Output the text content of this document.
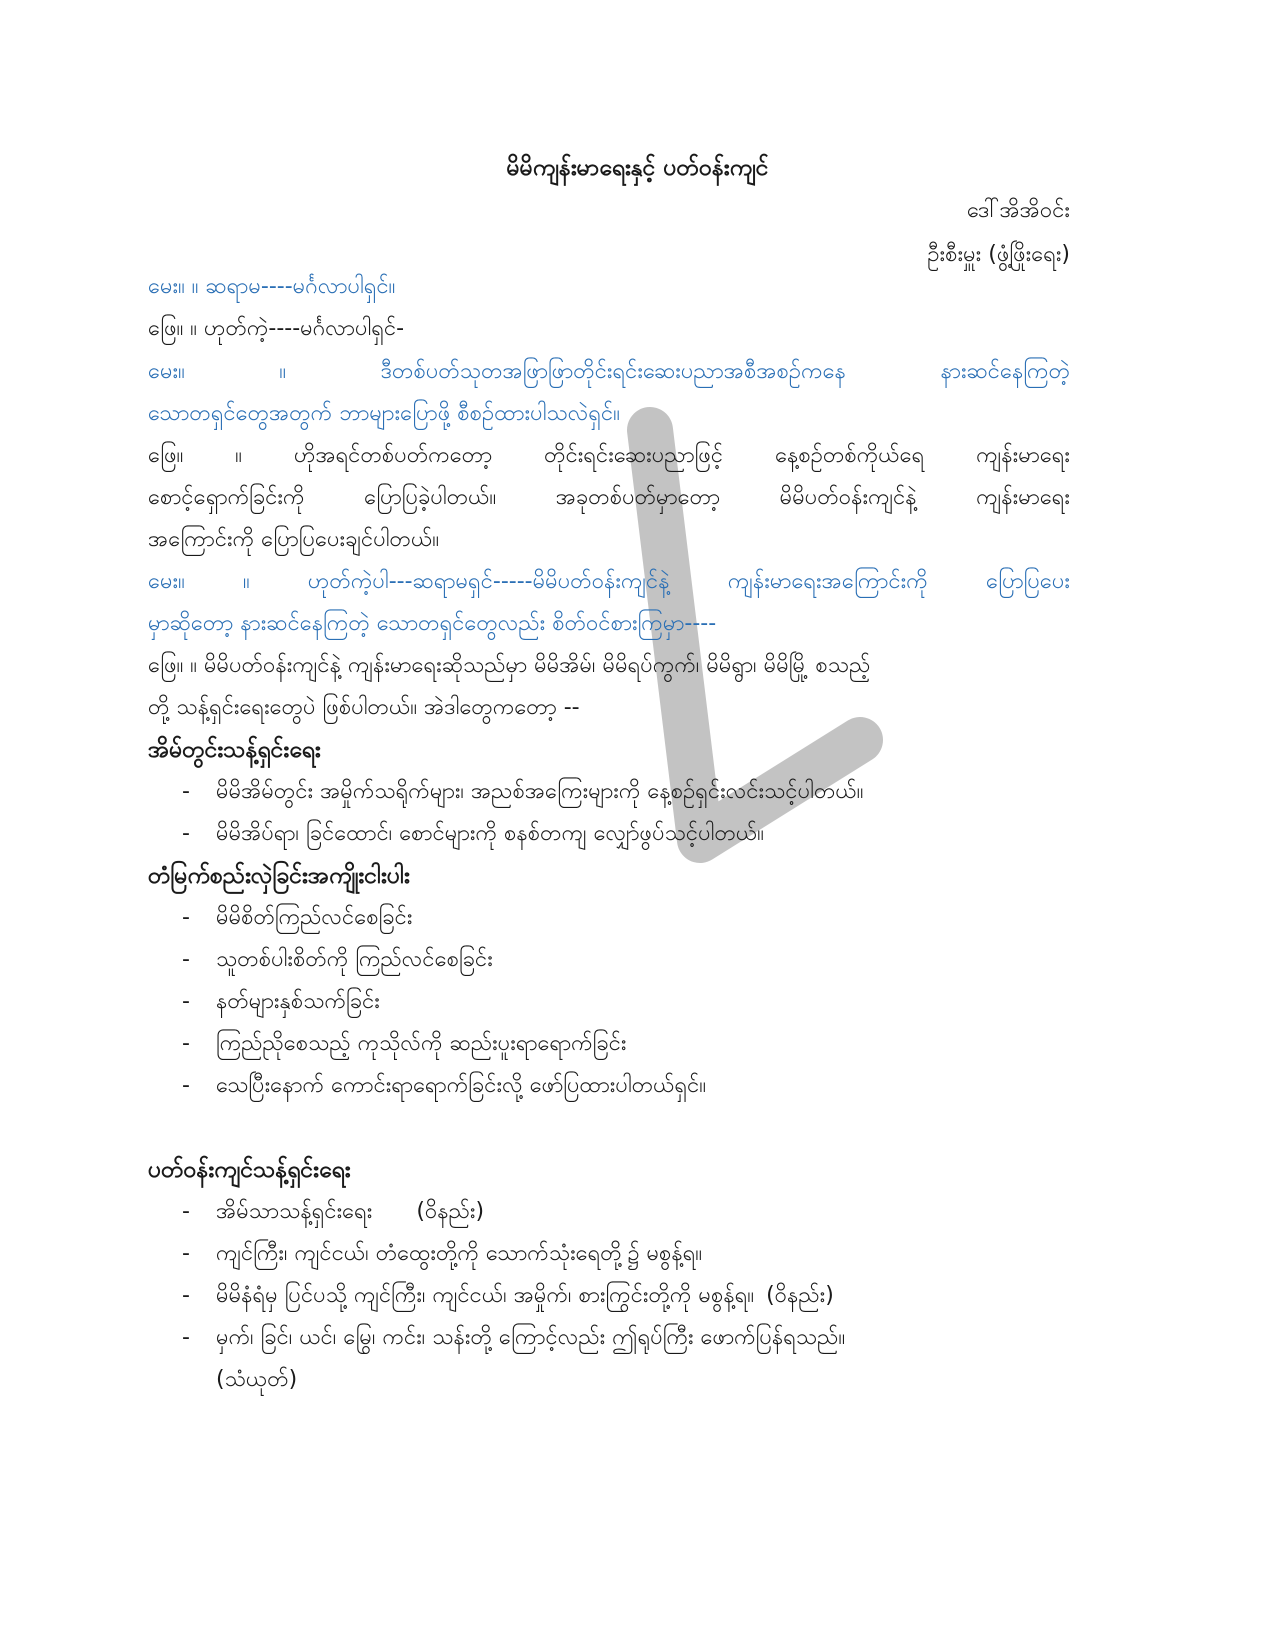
မိမိကျန်းမာရေးနှင့် ပတ်ဝန်းကျင်
ဒေါ်အိအိဝင်း
ဦးစီးမှူး (ဖွံ့ဖြိုးရေး)
မေး။ ။ ဆရာမ----မင်္ဂလာပါရှင်။
ဖြေ။ ။ ဟုတ်ကဲ့----မင်္ဂလာပါရှင်-
မေး။ ။ ဒီတစ်ပတ်သုတအဖြာဖြာတိုင်းရင်းဆေးပညာအစီအစဉ်ကနေ နားဆင်နေကြတဲ့
သောတရှင်တွေအတွက် ဘာများပြောဖို့ စီစဉ်ထားပါသလဲရှင်။
ဖြေ။ ။ ဟိုအရင်တစ်ပတ်ကတော့ တိုင်းရင်းဆေးပညာဖြင့် နေ့စဉ်တစ်ကိုယ်ရေ ကျန်းမာရေး
စောင့်ရှောက်ခြင်းကို ပြောပြခဲ့ပါတယ်။ အခုတစ်ပတ်မှာတော့ မိမိပတ်ဝန်းကျင်နဲ့ ကျန်းမာရေး
အကြောင်းကို ပြောပြပေးချင်ပါတယ်။
မေး။ ။ ဟုတ်ကဲ့ပါ---ဆရာမရှင်-----မိမိပတ်ဝန်းကျင်နဲ့ ကျန်းမာရေးအကြောင်းကို ပြောပြပေး
မှာဆိုတော့ နားဆင်နေကြတဲ့ သောတရှင်တွေလည်း စိတ်ဝင်စားကြမှာ----
ဖြေ။ ။ မိမိပတ်ဝန်းကျင်နဲ့ ကျန်းမာရေးဆိုသည်မှာ မိမိအိမ်၊ မိမိရပ်ကွက်၊ မိမိရွာ၊ မိမိမြို့ စသည့်
တို့ သန့်ရှင်းရေးတွေပဲ ဖြစ်ပါတယ်။ အဲဒါတွေကတော့ --
အိမ်တွင်းသန့်ရှင်းရေး
- မိမိအိမ်တွင်း အမှိုက်သရိုက်များ၊ အညစ်အကြေးများကို နေ့စဉ်ရှင်းလင်းသင့်ပါတယ်။
- မိမိအိပ်ရာ၊ ခြင်ထောင်၊ စောင်များကို စနစ်တကျ လျှော်ဖွပ်သင့်ပါတယ်။
တံမြက်စည်းလှဲခြင်းအကျိုးငါးပါး
- မိမိစိတ်ကြည်လင်စေခြင်း
- သူတစ်ပါးစိတ်ကို ကြည်လင်စေခြင်း
- နတ်များနှစ်သက်ခြင်း
- ကြည်ညိုစေသည့် ကုသိုလ်ကို ဆည်းပူးရာရောက်ခြင်း
- သေပြီးနောက် ကောင်းရာရောက်ခြင်းလို့ ဖော်ပြထားပါတယ်ရှင်။
ပတ်ဝန်းကျင်သန့်ရှင်းရေး
- အိမ်သာသန့်ရှင်းရေး (ဝိနည်း)
- ကျင်ကြီး၊ ကျင်ငယ်၊ တံထွေးတို့ကို သောက်သုံးရေတို့၌ မစွန့်ရ။
- မိမိနံရံမှ ပြင်ပသို့ ကျင်ကြီး၊ ကျင်ငယ်၊ အမှိုက်၊ စားကြွင်းတို့ကို မစွန့်ရ။ (ဝိနည်း)
- မှက်၊ ခြင်၊ ယင်၊ မြွေ၊ ကင်း၊ သန်းတို့ ကြောင့်လည်း ဤရုပ်ကြီး ဖောက်ပြန်ရသည်။
(သံယုတ်)
